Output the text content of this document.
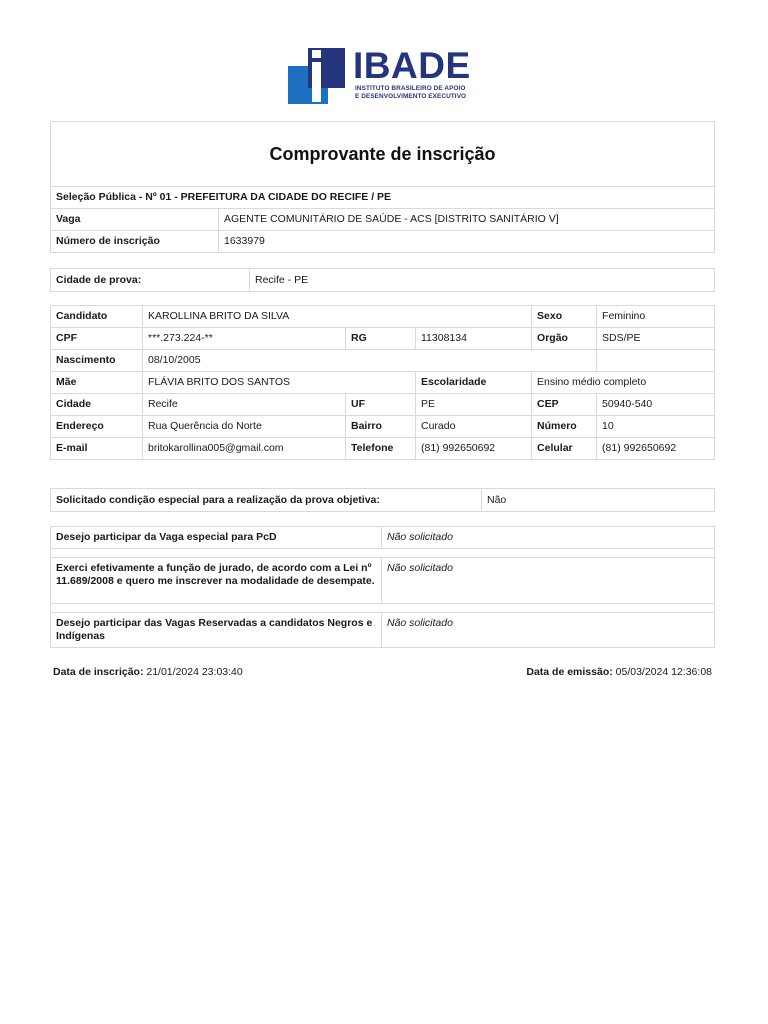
IBADE
INSTITUTO BRASILEIRO DE APOIO
E DESENVOLVIMENTO EXECUTIVO
Comprovante de inscrição	
Seleção Pública - Nº 01 - PREFEITURA DA CIDADE DO RECIFE / PE	
Vaga	AGENTE COMUNITÁRIO DE SAÚDE - ACS [DISTRITO SANITÁRIO V]
Número de inscrição	1633979
Cidade de prova:	Recife - PE
Candidato	KAROLLINA BRITO DA SILVA			Sexo	Feminino
CPF	***.273.224-**	RG	11308134	Orgão	SDS/PE
Nascimento	08/10/2005				
Mãe	FLÁVIA BRITO DOS SANTOS		Escolaridade	Ensino médio completo	
Cidade	Recife	UF	PE	CEP	50940-540
Endereço	Rua Querência do Norte	Bairro	Curado	Número	10
E-mail	britokarollina005@gmail.com	Telefone	(81) 992650692	Celular	(81) 992650692
Solicitado condição especial para a realização da prova objetiva:	Não
Desejo participar da Vaga especial para PcD	Não solicitado

Exerci efetivamente a função de jurado, de acordo com a Lei nº 11.689/2008 e quero me inscrever na modalidade de desempate.	Não solicitado

Desejo participar das Vagas Reservadas a candidatos Negros e Indígenas	Não solicitado
Data de inscrição: 21/01/2024 23:03:40	Data de emissão: 05/03/2024 12:36:08
